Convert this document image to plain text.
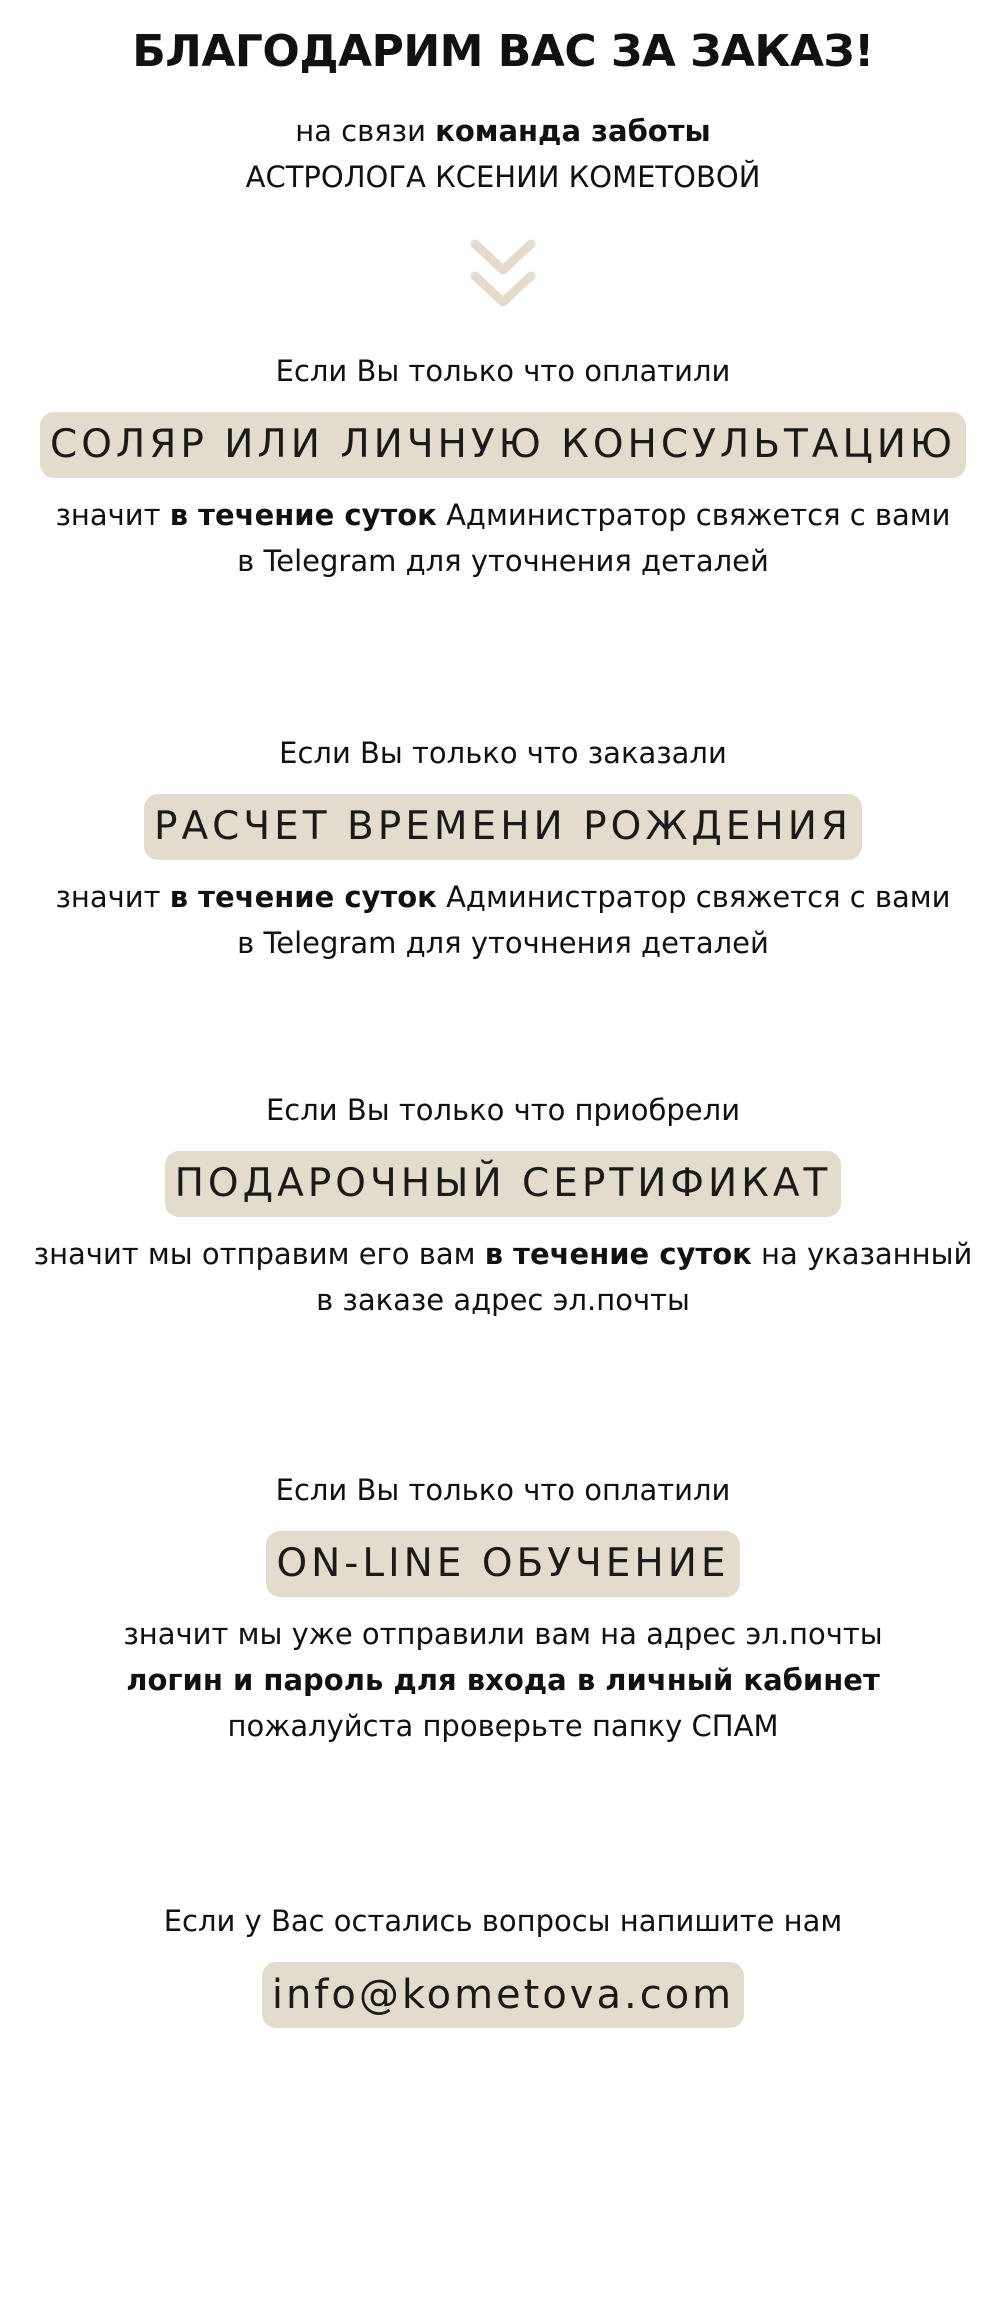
БЛАГОДАРИМ ВАС ЗА ЗАКАЗ!
на связи команда заботы
АСТРОЛОГА КСЕНИИ КОМЕТОВОЙ
Если Вы только что оплатили
СОЛЯР ИЛИ ЛИЧНУЮ КОНСУЛЬТАЦИЮ
значит в течение суток Администратор свяжется с вами
в Telegram для уточнения деталей
Если Вы только что заказали
РАСЧЕТ ВРЕМЕНИ РОЖДЕНИЯ
значит в течение суток Администратор свяжется с вами
в Telegram для уточнения деталей
Если Вы только что приобрели
ПОДАРОЧНЫЙ СЕРТИФИКАТ
значит мы отправим его вам в течение суток на указанный
в заказе адрес эл.почты
Если Вы только что оплатили
ON-LINE ОБУЧЕНИЕ
значит мы уже отправили вам на адрес эл.почты
логин и пароль для входа в личный кабинет
пожалуйста проверьте папку СПАМ
Если у Вас остались вопросы напишите нам
info@kometova.com
